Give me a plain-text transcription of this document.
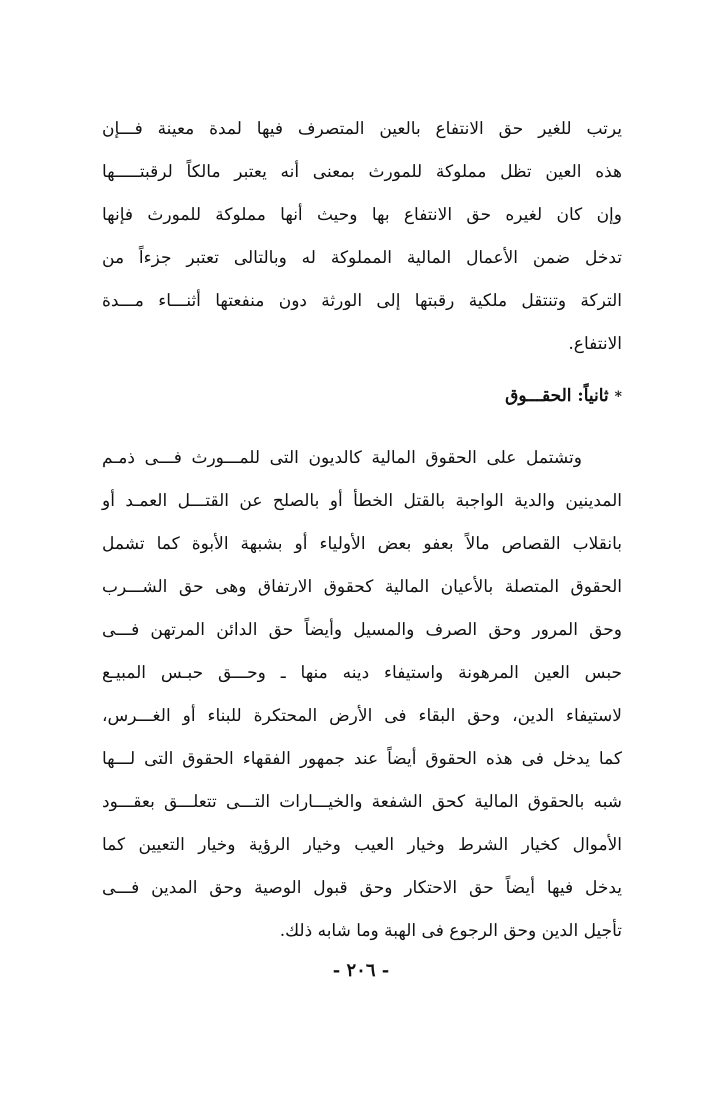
يرتب للغير حق الانتفاع بالعين المتصرف فيها لمدة معينة فـــإن
هذه العين تظل مملوكة للمورث بمعنى أنه يعتبر مالكاً لرقبتـــــها
وإن كان لغيره حق الانتفاع بها وحيث أنها مملوكة للمورث فإنها
تدخل ضمن الأعمال المالية المملوكة له وبالتالى تعتبر جزءاً من
التركة وتنتقل ملكية رقبتها إلى الورثة دون منفعتها أثنـــاء مـــدة
الانتفاع.
*ثانياً: الحقـــوق
وتشتمل على الحقوق المالية كالديون التى للمـــورث فـــى ذمـم
المدينين والدية الواجبة بالقتل الخطأ أو بالصلح عن القتـــل العمـد أو
بانقلاب القصاص مالاً بعفو بعض الأولياء أو بشبهة الأبوة كما تشمل
الحقوق المتصلة بالأعيان المالية كحقوق الارتفاق وهى حق الشـــرب
وحق المرور وحق الصرف والمسيل وأيضاً حق الدائن المرتهن فـــى
حبس العين المرهونة واستيفاء دينه منها ـ وحـــق حبـس المبيـع
لاستيفاء الدين، وحق البقاء فى الأرض المحتكرة للبناء أو الغـــرس،
كما يدخل فى هذه الحقوق أيضاً عند جمهور الفقهاء الحقوق التى لـــها
شبه بالحقوق المالية كحق الشفعة والخيـــارات التـــى تتعلـــق بعقـــود
الأموال كخيار الشرط وخيار العيب وخيار الرؤية وخيار التعيين كما
يدخل فيها أيضاً حق الاحتكار وحق قبول الوصية وحق المدين فـــى
تأجيل الدين وحق الرجوع فى الهبة وما شابه ذلك.
- ٢٠٦ -
